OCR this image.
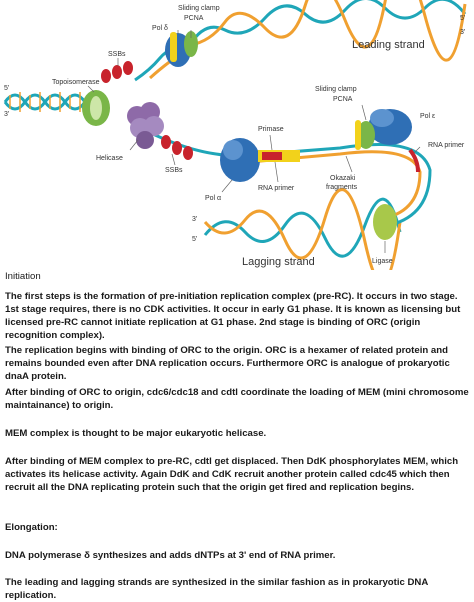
Sliding clamp
PCNA
Pol δ
SSBs
5'
3'
5'
3'
Topoisomerase
Helicase
SSBs
Pol α
Primase
RNA primer
Sliding clamp
PCNA
Pol ε
RNA primer
Okazaki
fragments
3'
5'
Ligase
Leading strand
Lagging strand

Initiation

The first steps is the formation of pre-initiation replication complex (pre-RC). It occurs in two stage. 1st stage requires, there is no CDK activities. It occur in early G1 phase. It is known as licensing but licensed pre-RC cannot initiate replication at G1 phase. 2nd stage is binding of ORC (origin recognition complex).

The replication begins with binding of ORC to the origin. ORC is a hexamer of related protein and remains bounded even after DNA replication occurs. Furthermore ORC is analogue of prokaryotic dnaA protein.

After binding of ORC to origin, cdc6/cdc18 and cdtl coordinate the loading of MEM (mini chromosome maintainance) to origin.

MEM complex is thought to be major eukaryotic helicase.

After binding of MEM complex to pre-RC, cdtl get displaced. Then DdK phosphorylates MEM, which activates its helicase activity. Again DdK and CdK recruit another protein called cdc45 which then recruit all the DNA replicating protein such that the origin get fired and replication begins.

Elongation:

DNA polymerase δ synthesizes and adds dNTPs at 3' end of RNA primer.

The leading and lagging strands are synthesized in the similar fashion as in prokaryotic DNA replication.
